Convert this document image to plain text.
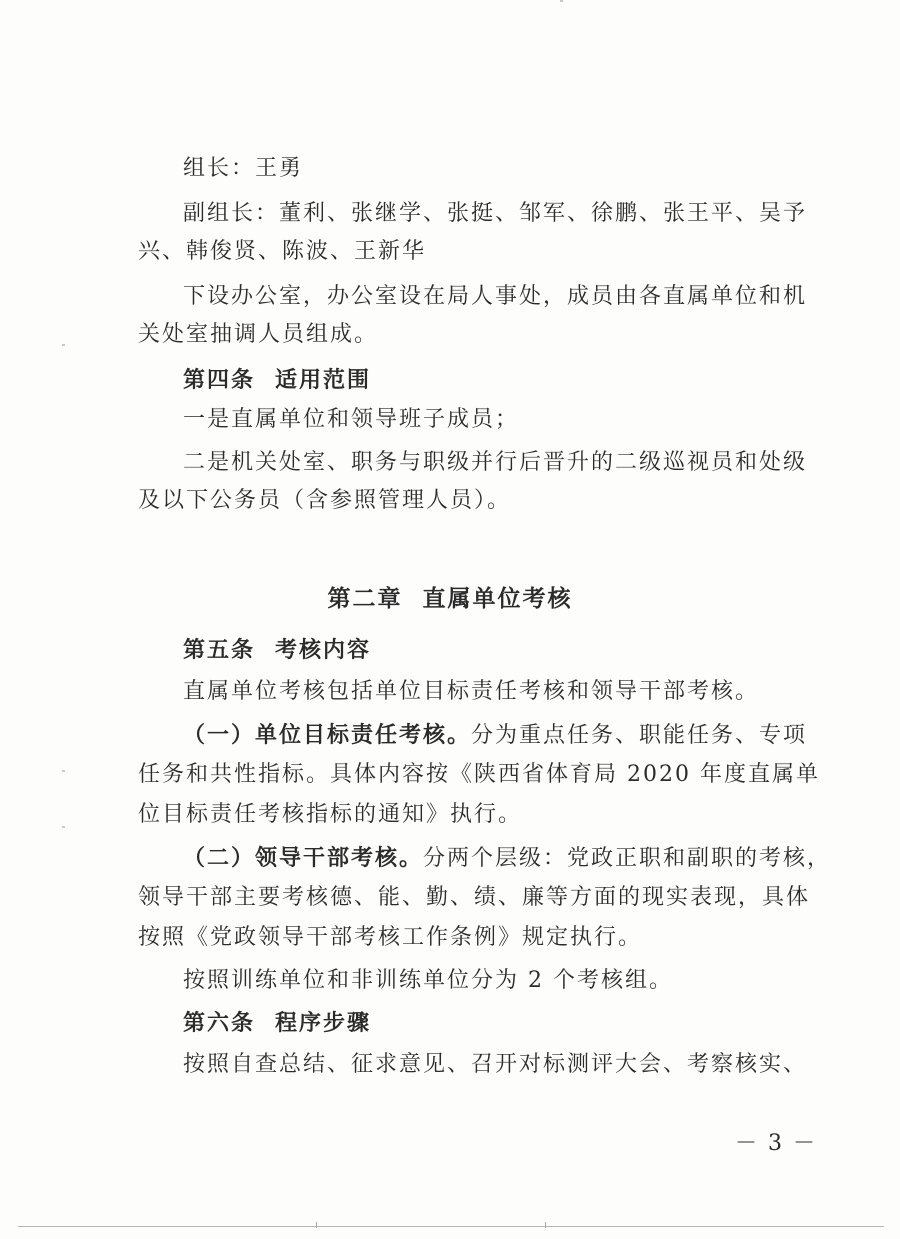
组长：王勇
副组长：董利、张继学、张挺、邹军、徐鹏、张王平、吴予
兴、韩俊贤、陈波、王新华
下设办公室，办公室设在局人事处，成员由各直属单位和机
关处室抽调人员组成。
第四条 适用范围
一是直属单位和领导班子成员；
二是机关处室、职务与职级并行后晋升的二级巡视员和处级
及以下公务员（含参照管理人员）。
第二章 直属单位考核
第五条 考核内容
直属单位考核包括单位目标责任考核和领导干部考核。
（一）单位目标责任考核。分为重点任务、职能任务、专项
任务和共性指标。具体内容按《陕西省体育局 2020 年度直属单
位目标责任考核指标的通知》执行。
（二）领导干部考核。分两个层级：党政正职和副职的考核，
领导干部主要考核德、能、勤、绩、廉等方面的现实表现，具体
按照《党政领导干部考核工作条例》规定执行。
按照训练单位和非训练单位分为 2 个考核组。
第六条 程序步骤
按照自查总结、征求意见、召开对标测评大会、考察核实、
－ 3 －
